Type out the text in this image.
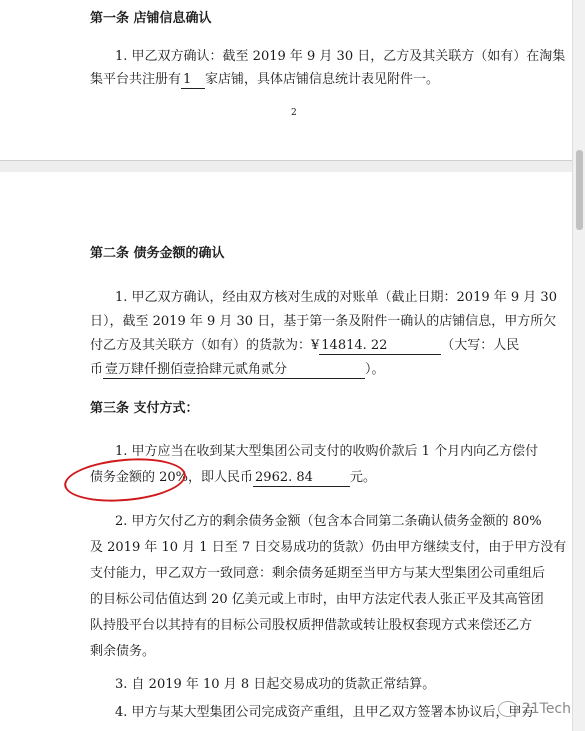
第一条 店铺信息确认
1. 甲乙双方确认：截至 2019 年 9 月 30 日，乙方及其关联方（如有）在淘集
集平台共注册有 1 家店铺，具体店铺信息统计表见附件一。
2
第二条 债务金额的确认
1. 甲乙双方确认，经由双方核对生成的对账单（截止日期：2019 年 9 月 30
日），截至 2019 年 9 月 30 日，基于第一条及附件一确认的店铺信息，甲方所欠
付乙方及其关联方（如有）的货款为：¥ 14814. 22	（大写：人民
币 壹万肆仟捌佰壹拾肆元贰角贰分	）。
第三条 支付方式：
1. 甲方应当在收到某大型集团公司支付的收购价款后 1 个月内向乙方偿付
债务金额的 20%，即人民币 2962. 84	元。
2. 甲方欠付乙方的剩余债务金额（包含本合同第二条确认债务金额的 80%
及 2019 年 10 月 1 日至 7 日交易成功的货款）仍由甲方继续支付，由于甲方没有
支付能力，甲乙双方一致同意：剩余债务延期至当甲方与某大型集团公司重组后
的目标公司估值达到 20 亿美元或上市时，由甲方法定代表人张正平及其高管团
队持股平台以其持有的目标公司股权质押借款或转让股权套现方式来偿还乙方
剩余债务。
3. 自 2019 年 10 月 8 日起交易成功的货款正常结算。
4. 甲方与某大型集团公司完成资产重组，且甲乙双方签署本协议后，甲方
21Tech
